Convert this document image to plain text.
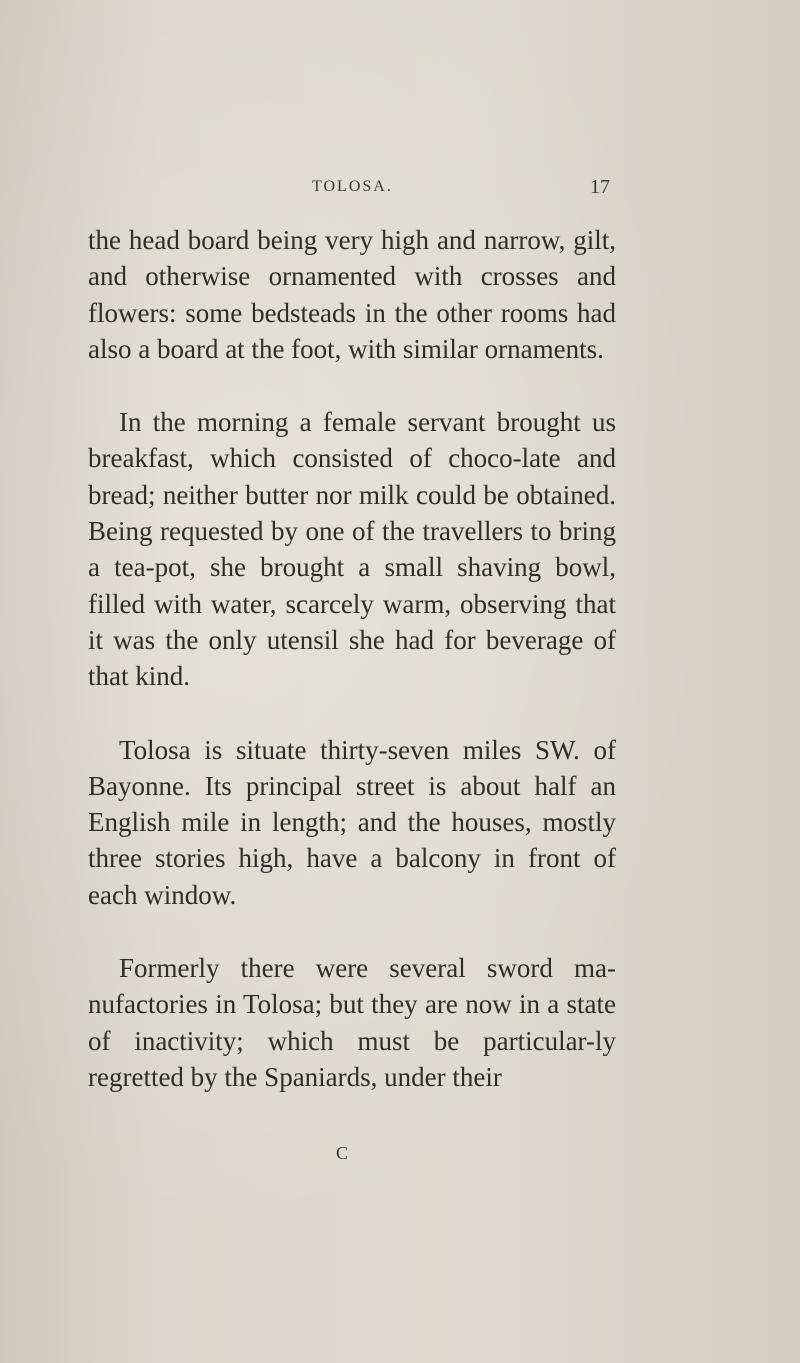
TOLOSA.	17

the head board being very high and narrow, gilt, and otherwise ornamented with crosses and flowers: some bedsteads in the other rooms had also a board at the foot, with similar ornaments.

In the morning a female servant brought us breakfast, which consisted of choco-late and bread; neither butter nor milk could be obtained. Being requested by one of the travellers to bring a tea-pot, she brought a small shaving bowl, filled with water, scarcely warm, observing that it was the only utensil she had for beverage of that kind.

Tolosa is situate thirty-seven miles SW. of Bayonne. Its principal street is about half an English mile in length; and the houses, mostly three stories high, have a balcony in front of each window.

Formerly there were several sword ma-nufactories in Tolosa; but they are now in a state of inactivity; which must be particular-ly regretted by the Spaniards, under their

C
